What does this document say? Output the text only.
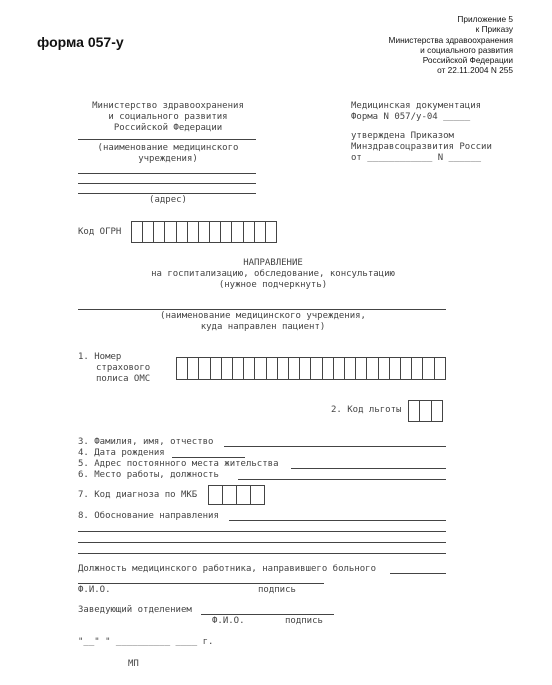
форма 057-у
Приложение 5
к Приказу
Министерства здравоохранения
и социального развития
Российской Федерации
от 22.11.2004 N 255
Министерство здравоохранения
и социального развития
Российской Федерации
(наименование медицинского
учреждения)
(адрес)
Медицинская документация
Форма N 057/у-04 _____
утверждена Приказом
Минздравсоцразвития России
от ____________ N ______
Код ОГРН
НАПРАВЛЕНИЕ
на госпитализацию, обследование, консультацию
(нужное подчеркнуть)
(наименование медицинского учреждения,
куда направлен пациент)
1. Номер
страхового
полиса ОМС
2. Код льготы
3. Фамилия, имя, отчество
4. Дата рождения
5. Адрес постоянного места жительства
6. Место работы, должность
7. Код диагноза по МКБ
8. Обоснование направления
Должность медицинского работника, направившего больного
Ф.И.О.	подпись
Заведующий отделением
Ф.И.О.	подпись
"__" " __________ ____ г.
МП
